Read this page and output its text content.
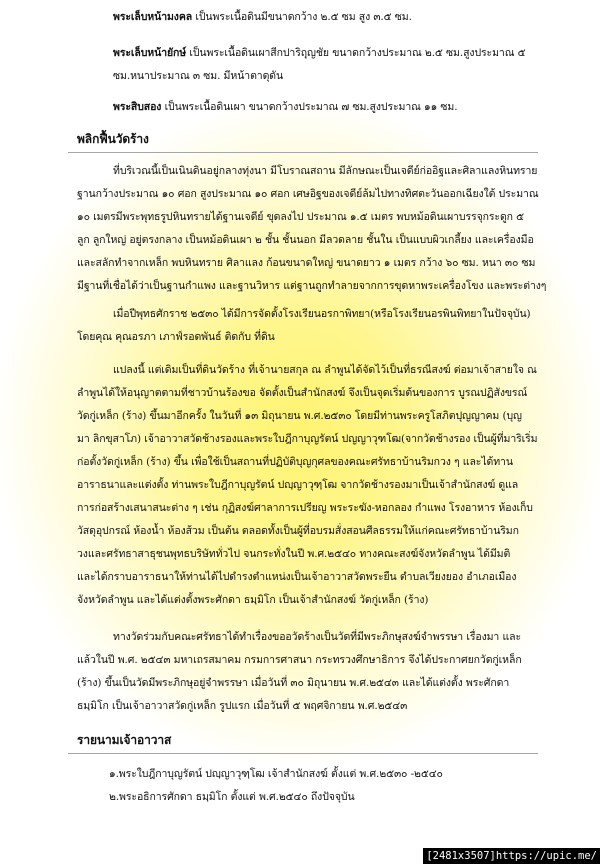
พระเล็บหน้ามงคล เป็นพระเนื้อดินมีขนาดกว้าง ๒.๕ ซม สูง ๓.๕ ซม.
พระเล็บหน้ายักษ์ เป็นพระเนื้อดินเผาสีกปาริฤุญชัย ขนาดกว้างประมาณ ๒.๕ ซม.สูงประมาณ ๕
ซม.หนาประมาณ ๓ ซม. มีหน้าตาดุดัน
พระสิบสอง เป็นพระเนื้อดินเผา ขนาดกว้างประมาณ ๗ ซม.สูงประมาณ ๑๑ ซม.
พลิกฟื้นวัดร้าง
ที่บริเวณนี้เป็นเนินดินอยู่กลางทุ่งนา มีโบราณสถาน มีลักษณะเป็นเจดีย์ก่ออิฐและศิลาแลงหินทราย
ฐานกว้างประมาณ ๑๐ ศอก สูงประมาณ ๑๐ ศอก เศษอิฐของเจดีย์ล้มไปทางทิศตะวันออกเฉียงใต้ ประมาณ
๑๐ เมตรมีพระพุทธรูปหินทรายได้ฐานเจดีย์ ขุดลงไป ประมาณ ๑.๕ เมตร พบหม้อดินเผาบรรจุกระดูก ๕
ลูก ลูกใหญ่ อยู่ตรงกลาง เป็นหม้อดินเผา ๒ ชั้น ชั้นนอก มีลวดลาย ชั้นใน เป็นแบบผิวเกลี้ยง และเครื่องมือ
และสลักทำจากเหล็ก พบหินทราย ศิลาแลง ก้อนขนาดใหญ่ ขนาดยาว ๑ เมตร กว้าง ๖๐ ซม. หนา ๓๐ ซม
มีฐานที่เชื่อได้ว่าเป็นฐานกำแพง และฐานวิหาร แต่ฐานถูกทำลายจากการขุดหาพระเครื่องโขง และพระต่างๆ
เมื่อปีพุทธศักราช ๒๕๓๐ ได้มีการจัดตั้งโรงเรียนอรกาพิทยา(หรือโรงเรียนอรพินพิทยาในปัจจุบัน)
โดยคุณ คุณอรภา เภาฟ์รอดพันธ์ ติดกับ ที่ดิน
แปลงนี้ แต่เดิมเป็นที่ดินวัดร้าง ที่เจ้านายสกุล ณ ลำพูนได้จัดไว้เป็นที่ธรณีสงฆ์ ต่อมาเจ้าสายใจ ณ
ลำพูนได้ให้อนุญาตตามที่ชาวบ้านร้องขอ จัดตั้งเป็นสำนักสงฆ์ จึงเป็นจุดเริ่มต้นของการ บูรณปฏิสังขรณ์
วัดกู่เหล็ก (ร้าง) ขึ้นมาอีกครั้ง ในวันที่ ๑๓ มิถุนายน พ.ศ.๒๕๓๐ โดยมีท่านพระครูโสภิตปุญญาคม (บุญ
มา ลิกขุสาโภ) เจ้าอาวาสวัดช้างรองและพระใบฎีกาบุญรัตน์ ปญญาวุฑโฒ(จากวัดช้างรอง เป็นผู้ที่มาริเริ่ม
ก่อตั้งวัดกู่เหล็ก (ร้าง) ขึ้น เพื่อใช้เป็นสถานที่ปฏิบัติบุญกุศลของคณะศรัทธาบ้านริมกวง ๆ และได้ทาน
อาราธนาและแต่งตั้ง ท่านพระใบฎีกาบุญรัตน์ ปญฺญาวุฑฺโฒ จากวัดช้างรองมาเป็นเจ้าสำนักสงฆ์ ดูแล
การก่อสร้างเสนาสนะต่าง ๆ เช่น กุฏิสงฆ์ศาลาการเปรียญ พระระฆัง-หอกลอง กำแพง โรงอาหาร ห้องเก็บ
วัสดุอุปกรณ์ ห้องน้ำ ห้องส้วม เป็นต้น ตลอดทั้งเป็นผู้ที่อบรมสั่งสอนศีลธรรมให้แก่คณะศรัทธาบ้านริมก
วงและศรัทธาสาธุชนพุทธบริษัททั่วไป จนกระทั่งในปี พ.ศ.๒๕๔๐ ทางคณะสงฆ์จังหวัดลำพูน ได้มีมติ
และได้กราบอาราธนาให้ท่านได้ไปดำรงตำแหน่งเป็นเจ้าอาวาสวัดพระยืน ตำบลเวียงยอง อำเภอเมือง
จังหวัดลำพูน และได้แต่งตั้งพระศักดา ธมฺมิโก เป็นเจ้าสำนักสงฆ์ วัดกู่เหล็ก (ร้าง)
ทางวัดร่วมกับคณะศรัทธาได้ทำเรื่องขออวัดร้างเป็นวัดที่มีพระภิกษุสงฆ์จำพรรษา เรื่องมา และ
แล้วในปี พ.ศ. ๒๕๔๓ มหาเถรสมาคม กรมการศาสนา กระทรวงศึกษาธิการ จึงได้ประกาศยกวัดกู่เหล็ก
(ร้าง) ขึ้นเป็นวัดมีพระภิกษุอยู่จำพรรษา เมื่อวันที่ ๓๐ มิถุนายน พ.ศ.๒๕๔๓ และได้แต่งตั้ง พระศักดา
ธมฺมิโก เป็นเจ้าอาวาสวัดกู่เหล็ก รูปแรก เมื่อวันที่ ๕ พฤศจิกายน พ.ศ.๒๕๔๓
รายนามเจ้าอาวาส
๑.พระใบฎีกาบุญรัตน์ ปญฺญาวุฑฺโฒ เจ้าสำนักสงฆ์ ตั้งแต่ พ.ศ.๒๕๓๐ -๒๕๔๐
๒.พระอธิการศักดา ธมฺมิโก ตั้งแต่ พ.ศ.๒๕๔๐ ถึงปัจจุบัน
[2481x3507]https://upic.me/
